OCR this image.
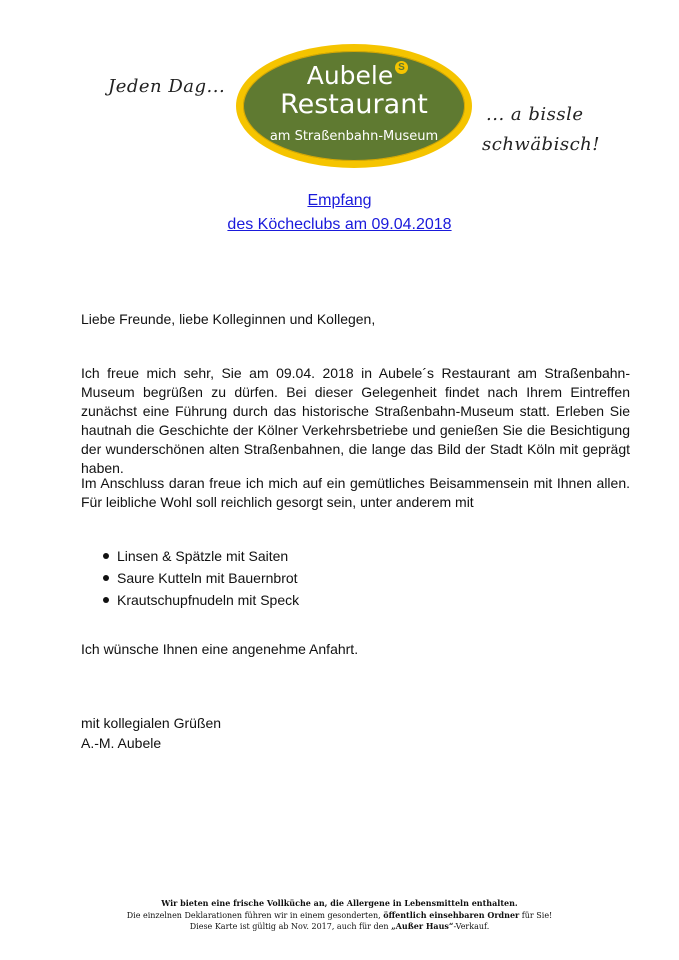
Jeden Dag...
... a bissle
schwäbisch!
Aubele S
Restaurant
am Straßenbahn-Museum
Empfang
des Köcheclubs am 09.04.2018
Liebe Freunde, liebe Kolleginnen und Kollegen,
Ich freue mich sehr, Sie am 09.04. 2018 in Aubele´s Restaurant am Straßenbahn-Museum begrüßen zu dürfen. Bei dieser Gelegenheit findet nach Ihrem Eintreffen zunächst eine Führung durch das historische Straßenbahn-Museum statt. Erleben Sie hautnah die Geschichte der Kölner Verkehrsbetriebe und genießen Sie die Besichtigung der wunderschönen alten Straßenbahnen, die lange das Bild der Stadt Köln mit geprägt haben.
Im Anschluss daran freue ich mich auf ein gemütliches Beisammensein mit Ihnen allen. Für leibliche Wohl soll reichlich gesorgt sein, unter anderem mit
Linsen & Spätzle mit Saiten
Saure Kutteln mit Bauernbrot
Krautschupfnudeln mit Speck
Ich wünsche Ihnen eine angenehme Anfahrt.
mit kollegialen Grüßen
A.-M. Aubele
Wir bieten eine frische Vollküche an, die Allergene in Lebensmitteln enthalten.
Die einzelnen Deklarationen führen wir in einem gesonderten, öffentlich einsehbaren Ordner für Sie!
Diese Karte ist gültig ab Nov. 2017, auch für den „Außer Haus“-Verkauf.
